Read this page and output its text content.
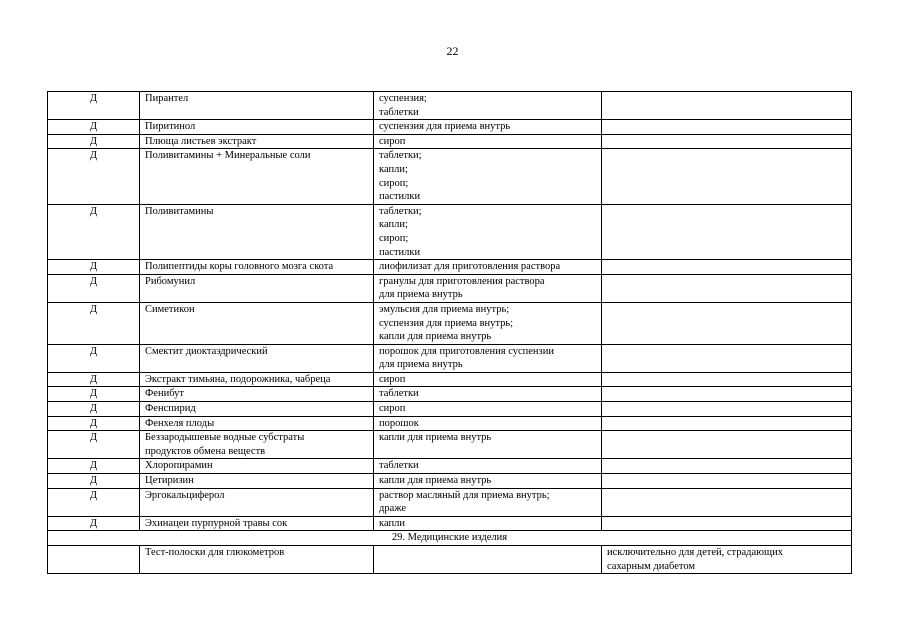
22
Д	Пирантел	суспензия;
таблетки	

Д	Пиритинол	суспензия для приема внутрь	

Д	Плюща листьев экстракт	сироп	

Д	Поливитамины + Минеральные соли	таблетки;
капли;
сироп;
пастилки	

Д	Поливитамины	таблетки;
капли;
сироп;
пастилки	

Д	Полипептиды коры головного мозга скота	лиофилизат для приготовления раствора	

Д	Рибомунил	гранулы для приготовления раствора
для приема внутрь	

Д	Симетикон	эмульсия для приема внутрь;
суспензия для приема внутрь;
капли для приема внутрь	

Д	Смектит диоктаэдрический	порошок для приготовления суспензии
для приема внутрь	

Д	Экстракт тимьяна, подорожника, чабреца	сироп	

Д	Фенибут	таблетки	

Д	Фенспирид	сироп	

Д	Фенхеля плоды	порошок	

Д	Беззародышевые водные субстраты
продуктов обмена веществ	капли для приема внутрь	

Д	Хлоропирамин	таблетки	

Д	Цетиризин	капли для приема внутрь	

Д	Эргокальциферол	раствор масляный для приема внутрь;
драже	

Д	Эхинацеи пурпурной травы сок	капли	

29. Медицинские изделия			

	Тест-полоски для глюкометров		исключительно для детей, страдающих
сахарным диабетом
